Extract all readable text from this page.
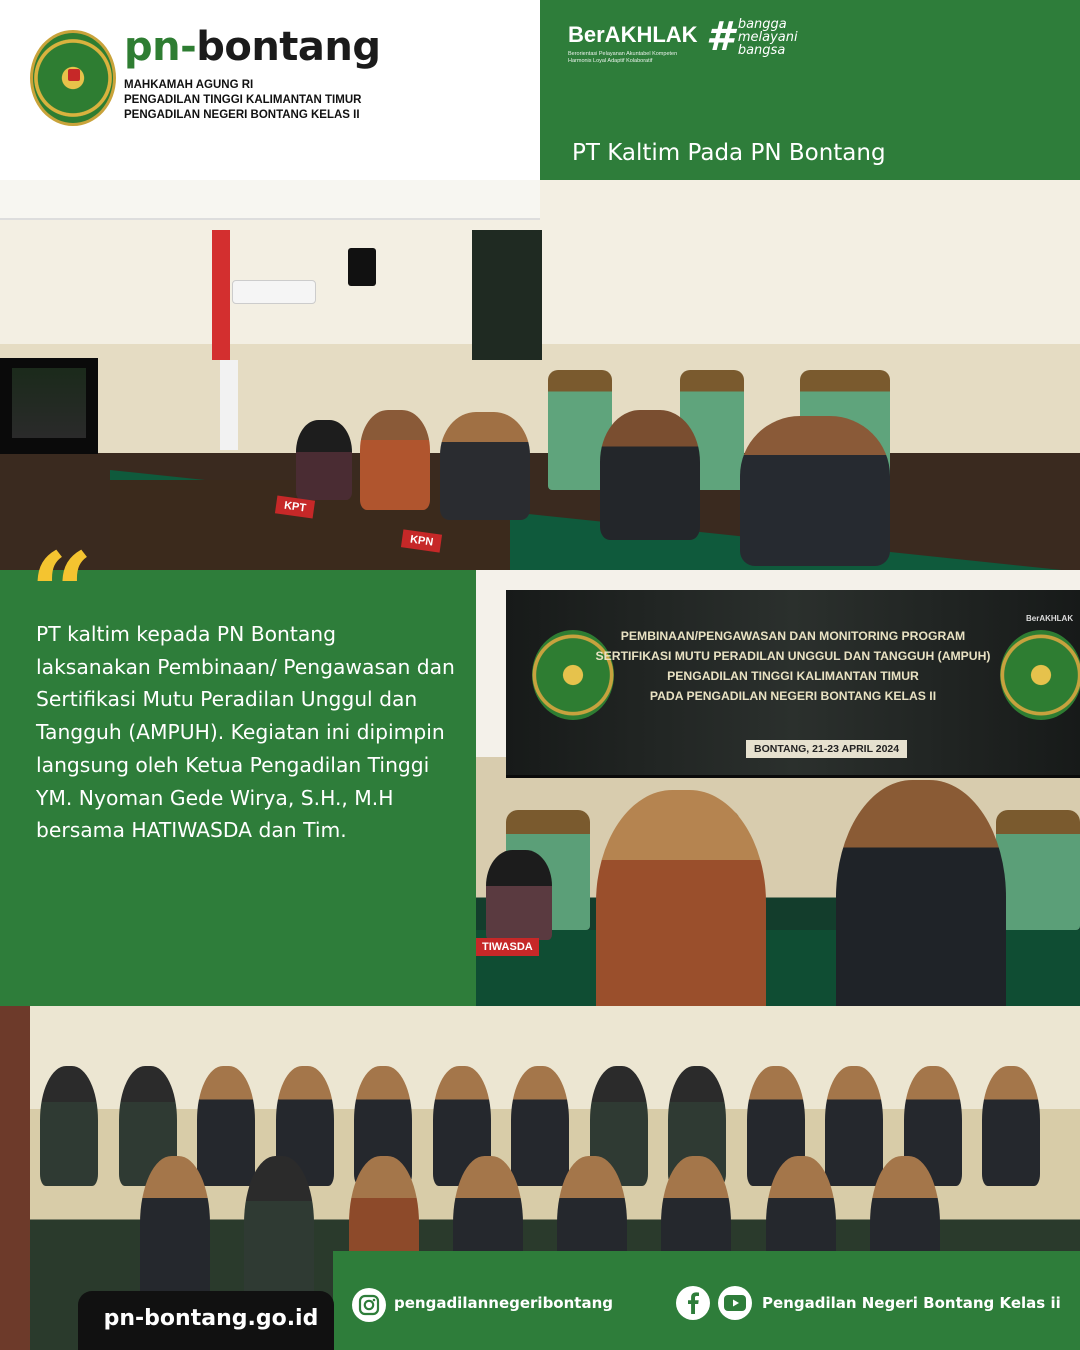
pn-bontang
MAHKAMAH AGUNG RI
PENGADILAN TINGGI KALIMANTAN TIMUR
PENGADILAN NEGERI BONTANG KELAS II
BerAKHLAK
Berorientasi Pelayanan Akuntabel Kompeten Harmonis Loyal Adaptif Kolaboratif
# bangga
melayani
bangsa
PT Kaltim Pada PN Bontang
KPT
KPN
“
PT kaltim kepada PN Bontang laksanakan Pembinaan/ Pengawasan dan Sertifikasi Mutu Peradilan Unggul dan Tangguh (AMPUH). Kegiatan ini dipimpin langsung oleh Ketua Pengadilan Tinggi YM. Nyoman Gede Wirya, S.H., M.H bersama HATIWASDA dan Tim.
BerAKHLAK
PEMBINAAN/PENGAWASAN DAN MONITORING PROGRAM
SERTIFIKASI MUTU PERADILAN UNGGUL DAN TANGGUH (AMPUH)
PENGADILAN TINGGI KALIMANTAN TIMUR
PADA PENGADILAN NEGERI BONTANG KELAS II
BONTANG, 21-23 APRIL 2024
TIWASDA
pn-bontang.go.id
pengadilannegeribontang	Pengadilan Negeri Bontang Kelas ii
